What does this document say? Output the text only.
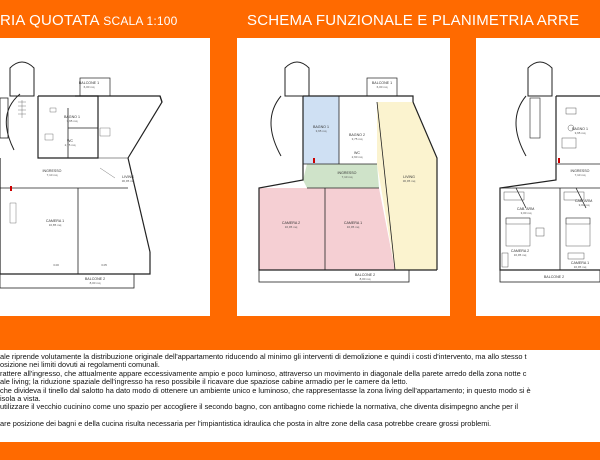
RIA QUOTATA SCALA 1:100	SCHEMA FUNZIONALE E PLANIMETRIA ARRE
BALCONE 1
6,00 mq
BAGNO 1
3,65 mq
WC
2,75 mq
INGRESSO
7,10 mq	LIVING
30,95 mq
CAMERA 1
16,85 mq
BALCONE 2
8,00 mq
3.00	3.05
BALCONE 1
6,00 mq
BAGNO 1
3,65 mq
BAGNO 2
3,75 mq
WC
2,60 mq
INGRESSO
7,10 mq	LIVING
30,95 mq
CAMERA 2
16,95 mq
CAMERA 1
16,95 mq
BALCONE 2
8,00 mq
BAGNO 1
3,65 mq
INGRESSO
7,10 mq
CAB. ARM.
3,00 mq
CAB. ARM.
3,00 mq
CAMERA 2
16,95 mq
CAMERA 1
16,95 mq
BALCONE 2

ale riprende volutamente la distribuzione originale dell'appartamento riducendo al minimo gli interventi di demolizione e quindi i costi d'intervento, ma allo stesso t

osizione nei limiti dovuti ai regolamenti comunali.

rattere all'ingresso, che attualmente appare eccessivamente ampio e poco luminoso, attraverso un movimento in diagonale della parete arredo della zona notte c

ale living; la riduzione spaziale dell'ingresso ha reso possibile il ricavare due spaziose cabine armadio per le camere da letto.

che divideva il tinello dal salotto ha dato modo di ottenere un ambiente unico e luminoso, che rappresentasse la zona living dell'appartamento; in questo modo si è

isola a vista.

utilizzare il vecchio cucinino come uno spazio per accogliere il secondo bagno, con antibagno come richiede la normativa, che diventa disimpegno anche per il

are posizione dei bagni e della cucina risulta necessaria per l'impiantistica idraulica che posta in altre zone della casa potrebbe creare grossi problemi.
